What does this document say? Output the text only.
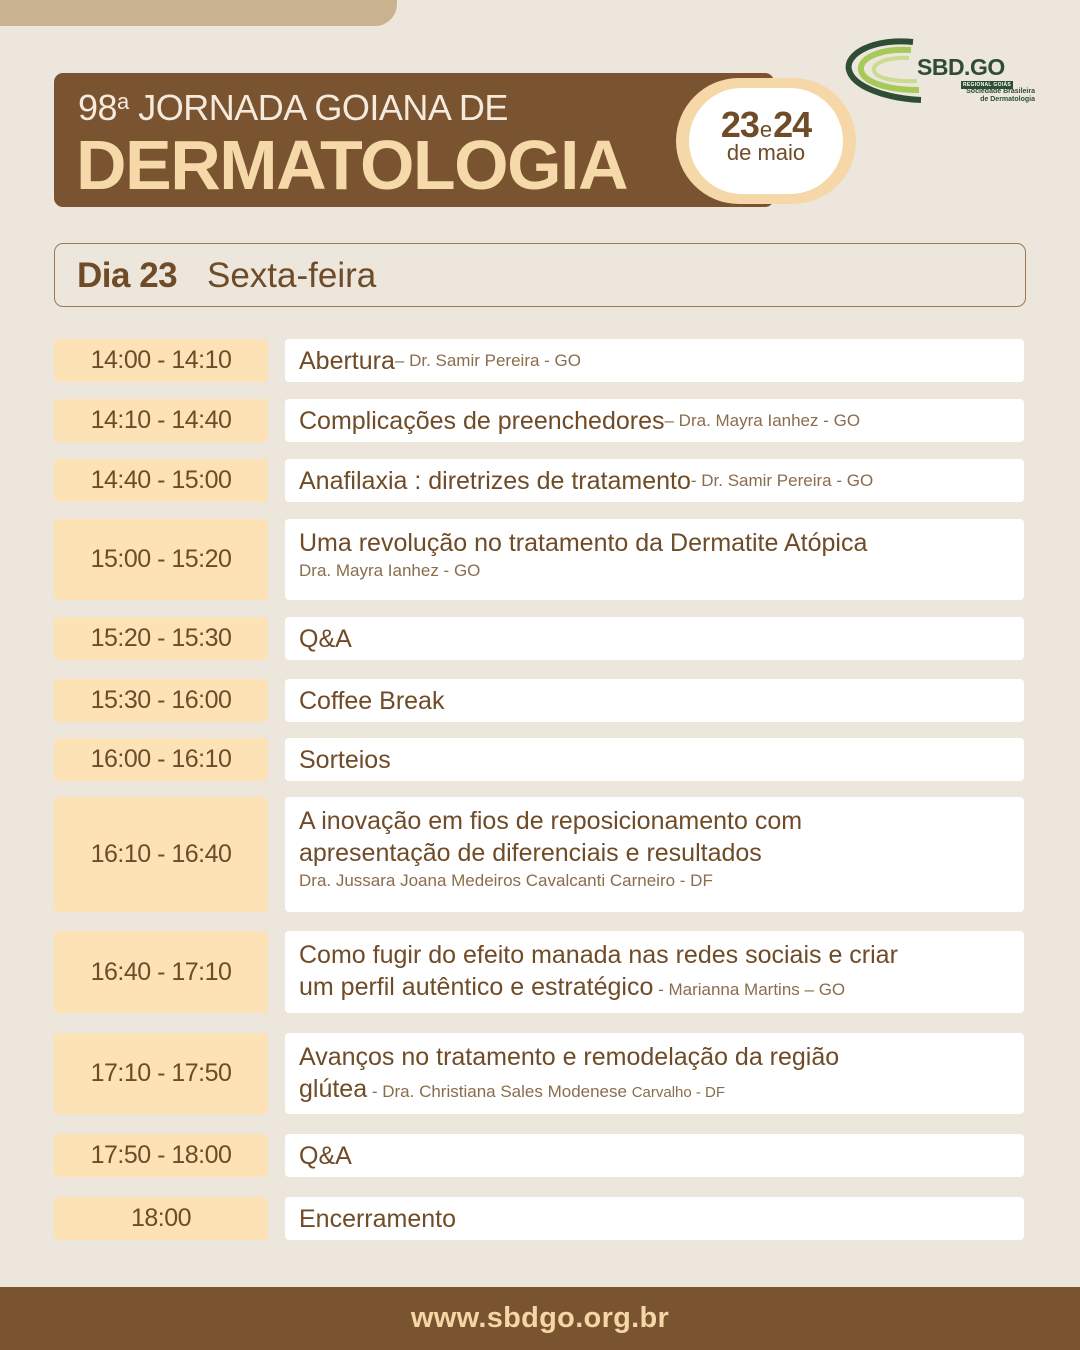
SBD.GO
REGIONAL GOIÁS
Sociedade Brasileira
de Dermatologia
98$^a$ JORNADA GOIANA DE
DERMATOLOGIA
23e24
de maio
Dia 23 Sexta-feira
14:00 - 14:10	Abertura – Dr. Samir Pereira - GO
14:10 - 14:40	Complicações de preenchedores – Dra. Mayra Ianhez - GO
14:40 - 15:00	Anafilaxia : diretrizes de tratamento - Dr. Samir Pereira - GO
15:00 - 15:20
Uma revolução no tratamento da Dermatite Atópica
Dra. Mayra Ianhez - GO
15:20 - 15:30	Q&A
15:30 - 16:00	Coffee Break
16:00 - 16:10	Sorteios
16:10 - 16:40
A inovação em fios de reposicionamento com
apresentação de diferenciais e resultados
Dra. Jussara Joana Medeiros Cavalcanti Carneiro - DF
16:40 - 17:10
Como fugir do efeito manada nas redes sociais e criar
um perfil autêntico e estratégico - Marianna Martins – GO
17:10 - 17:50
Avanços no tratamento e remodelação da região
glútea - Dra. Christiana Sales Modenese Carvalho - DF
17:50 - 18:00	Q&A
18:00	Encerramento
www.sbdgo.org.br
